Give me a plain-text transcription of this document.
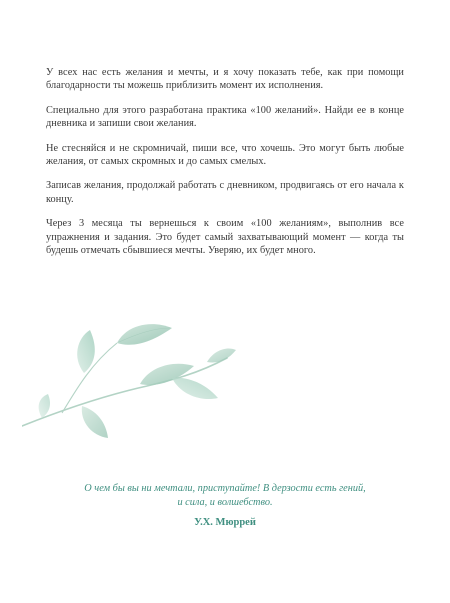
У всех нас есть желания и мечты, и я хочу показать тебе, как при помощи благодарности ты можешь приблизить момент их исполнения.

Специально для этого разработана практика «100 желаний». Найди ее в конце дневника и запиши свои желания.

Не стесняйся и не скромничай, пиши все, что хочешь. Это могут быть любые желания, от самых скромных и до самых смелых.

Записав желания, продолжай работать с дневником, продвигаясь от его начала к концу.

Через 3 месяца ты вернешься к своим «100 желаниям», выполнив все упражнения и задания. Это будет самый захватывающий момент — когда ты будешь отмечать сбывшиеся мечты. Уверяю, их будет много.

О чем бы вы ни мечтали, приступайте! В дерзости есть гений,
и сила, и волшебство.
У.Х. Мюррей
